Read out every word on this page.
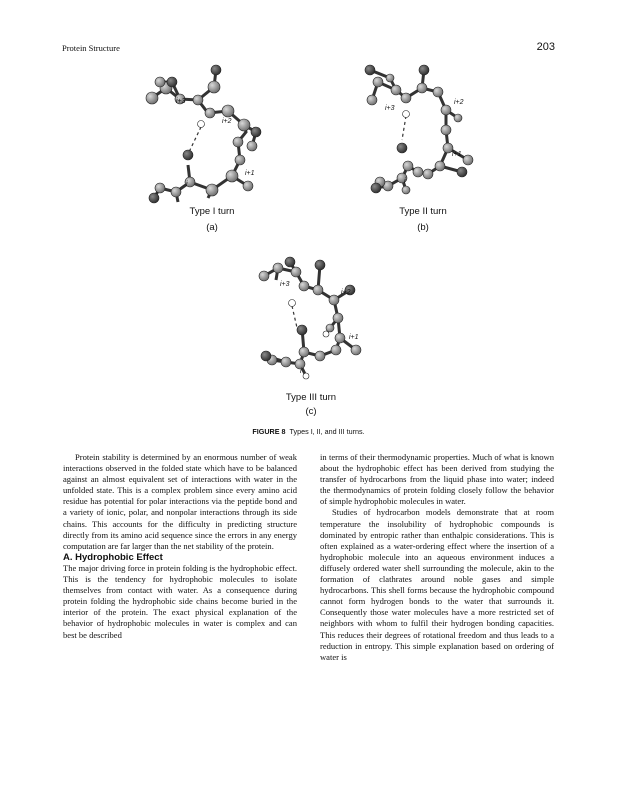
Protein Structure	203
i+3
i+2
i+1
i
Type I turn
(a)
i+3
i+2
i+1
i
Type II turn
(b)
i+3
i+2
i+1
i
Type III turn
(c)
FIGURE 8 Types I, II, and III turns.

Protein stability is determined by an enormous number of weak interactions observed in the folded state which have to be balanced against an almost equivalent set of interactions with water in the unfolded state. This is a complex problem since every amino acid residue has potential for polar interactions via the peptide bond and a variety of ionic, polar, and nonpolar interactions through its side chains. This accounts for the difficulty in predicting structure directly from its amino acid sequence since the errors in any energy computation are far larger than the net stability of the protein.

A. Hydrophobic Effect

The major driving force in protein folding is the hydrophobic effect. This is the tendency for hydrophobic molecules to isolate themselves from contact with water. As a consequence during protein folding the hydrophobic side chains become buried in the interior of the protein. The exact physical explanation of the behavior of hydrophobic molecules in water is complex and can best be described

in terms of their thermodynamic properties. Much of what is known about the hydrophobic effect has been derived from studying the transfer of hydrocarbons from the liquid phase into water; indeed the thermodynamics of protein folding closely follow the behavior of simple hydrophobic molecules in water.

Studies of hydrocarbon models demonstrate that at room temperature the insolubility of hydrophobic compounds is dominated by entropic rather than enthalpic considerations. This is often explained as a water-ordering effect where the insertion of a hydrophobic molecule into an aqueous environment induces a diffusely ordered water shell surrounding the molecule, akin to the formation of clathrates around noble gases and simple hydrocarbons. This shell forms because the hydrophobic compound cannot form hydrogen bonds to the water that surrounds it. Consequently those water molecules have a more restricted set of neighbors with whom to fulfil their hydrogen bonding capacities. This reduces their degrees of rotational freedom and thus leads to a reduction in entropy. This simple explanation based on ordering of water is
